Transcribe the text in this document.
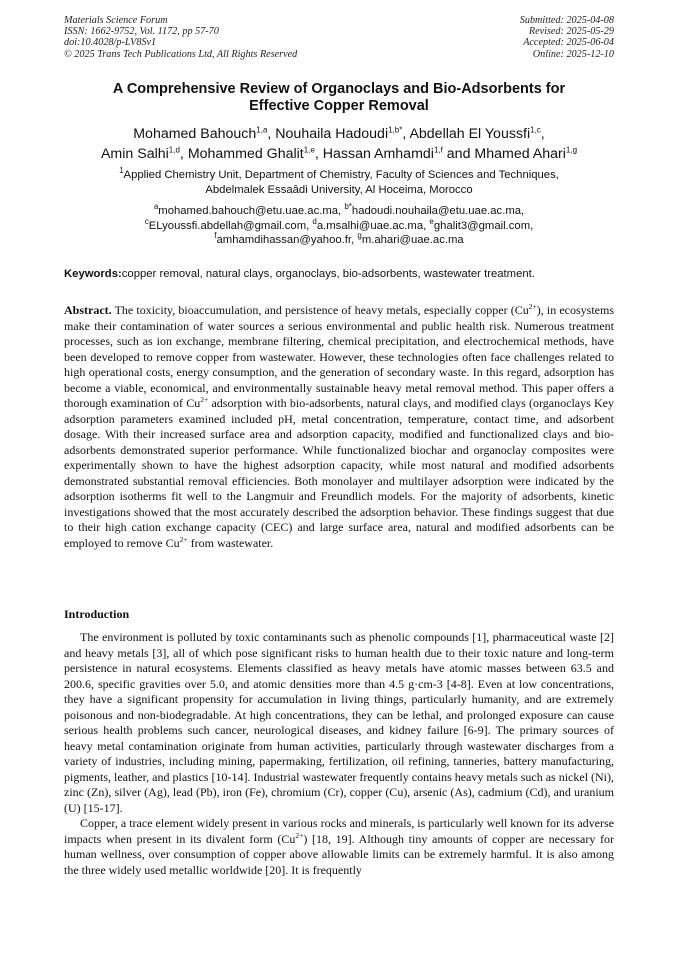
Materials Science Forum
ISSN: 1662-9752, Vol. 1172, pp 57-70
doi:10.4028/p-LV8Sv1
© 2025 Trans Tech Publications Ltd, All Rights Reserved
Submitted: 2025-04-08
Revised: 2025-05-29
Accepted: 2025-06-04
Online: 2025-12-10
A Comprehensive Review of Organoclays and Bio-Adsorbents for
Effective Copper Removal
Mohamed Bahouch$^{1,a}$, Nouhaila Hadoudi$^{1,b*}$, Abdellah El Youssfi$^{1,c}$,
Amin Salhi$^{1,d}$, Mohammed Ghalit$^{1,e}$, Hassan Amhamdi$^{1,f}$ and Mhamed Ahari$^{1,g}$
$^1$Applied Chemistry Unit, Department of Chemistry, Faculty of Sciences and Techniques,
Abdelmalek Essaâdi University, Al Hoceima, Morocco
$^a$mohamed.bahouch@etu.uae.ac.ma, $^{b*}$hadoudi.nouhaila@etu.uae.ac.ma,
$^c$ELyoussfi.abdellah@gmail.com, $^d$a.msalhi@uae.ac.ma, $^e$ghalit3@gmail.com,
$^f$amhamdihassan@yahoo.fr, $^g$m.ahari@uae.ac.ma
Keywords:copper removal, natural clays, organoclays, bio-adsorbents, wastewater treatment.
Abstract. The toxicity, bioaccumulation, and persistence of heavy metals, especially copper $(Cu^{2+})$, in ecosystems make their contamination of water sources a serious environmental and public health risk. Numerous treatment processes, such as ion exchange, membrane filtering, chemical precipitation, and electrochemical methods, have been developed to remove copper from wastewater. However, these technologies often face challenges related to high operational costs, energy consumption, and the generation of secondary waste. In this regard, adsorption has become a viable, economical, and environmentally sustainable heavy metal removal method. This paper offers a thorough examination of $Cu^{2+}$ adsorption with bio-adsorbents, natural clays, and modified clays (organoclays Key adsorption parameters examined included pH, metal concentration, temperature, contact time, and adsorbent dosage. With their increased surface area and adsorption capacity, modified and functionalized clays and bio-adsorbents demonstrated superior performance. While functionalized biochar and organoclay composites were experimentally shown to have the highest adsorption capacity, while most natural and modified adsorbents demonstrated substantial removal efficiencies. Both monolayer and multilayer adsorption were indicated by the adsorption isotherms fit well to the Langmuir and Freundlich models. For the majority of adsorbents, kinetic investigations showed that the most accurately described the adsorption behavior. These findings suggest that due to their high cation exchange capacity (CEC) and large surface area, natural and modified adsorbents can be employed to remove $Cu^{2+}$ from wastewater.
Introduction

The environment is polluted by toxic contaminants such as phenolic compounds [1], pharmaceutical waste [2] and heavy metals [3], all of which pose significant risks to human health due to their toxic nature and long-term persistence in natural ecosystems. Elements classified as heavy metals have atomic masses between 63.5 and 200.6, specific gravities over 5.0, and atomic densities more than 4.5 g·cm-3 [4-8]. Even at low concentrations, they have a significant propensity for accumulation in living things, particularly humanity, and are extremely poisonous and non-biodegradable. At high concentrations, they can be lethal, and prolonged exposure can cause serious health problems such cancer, neurological diseases, and kidney failure [6-9]. The primary sources of heavy metal contamination originate from human activities, particularly through wastewater discharges from a variety of industries, including mining, papermaking, fertilization, oil refining, tanneries, battery manufacturing, pigments, leather, and plastics [10-14]. Industrial wastewater frequently contains heavy metals such as nickel (Ni), zinc (Zn), silver (Ag), lead (Pb), iron (Fe), chromium (Cr), copper (Cu), arsenic (As), cadmium (Cd), and uranium (U) [15-17].

Copper, a trace element widely present in various rocks and minerals, is particularly well known for its adverse impacts when present in its divalent form $(Cu^{2+})$ [18, 19]. Although tiny amounts of copper are necessary for human wellness, over consumption of copper above allowable limits can be extremely harmful. It is also among the three widely used metallic worldwide [20]. It is frequently
